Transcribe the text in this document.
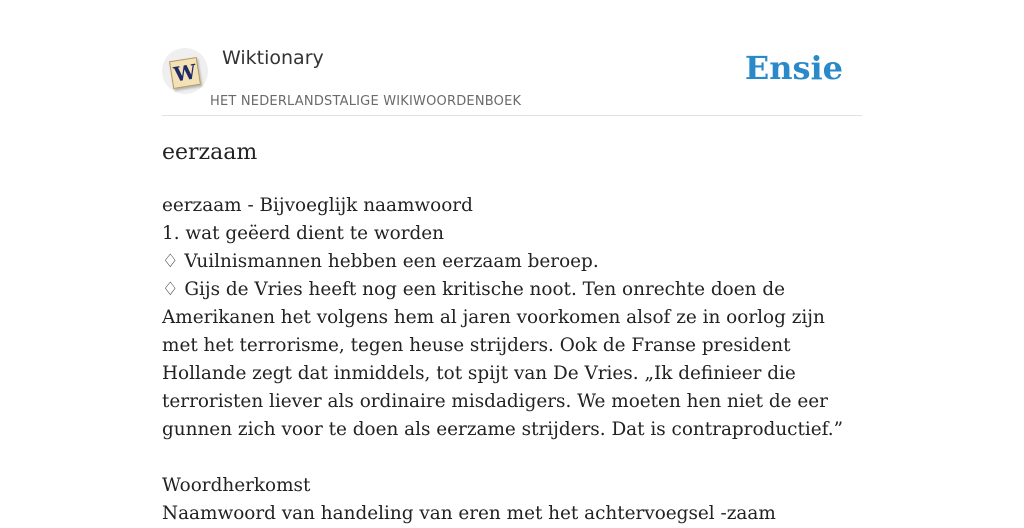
W
Wiktionary
HET NEDERLANDSTALIGE WIKIWOORDENBOEK
Ensie
eerzaam
eerzaam - Bijvoeglijk naamwoord
1. wat geëerd dient te worden
♢ Vuilnismannen hebben een eerzaam beroep.
♢ Gijs de Vries heeft nog een kritische noot. Ten onrechte doen de Amerikanen het volgens hem al jaren voorkomen alsof ze in oorlog zijn met het terrorisme, tegen heuse strijders. Ook de Franse president Hollande zegt dat inmiddels, tot spijt van De Vries. „Ik definieer die terroristen liever als ordinaire misdadigers. We moeten hen niet de eer gunnen zich voor te doen als eerzame strijders. Dat is contraproductief.”
Woordherkomst
Naamwoord van handeling van eren met het achtervoegsel -zaam
